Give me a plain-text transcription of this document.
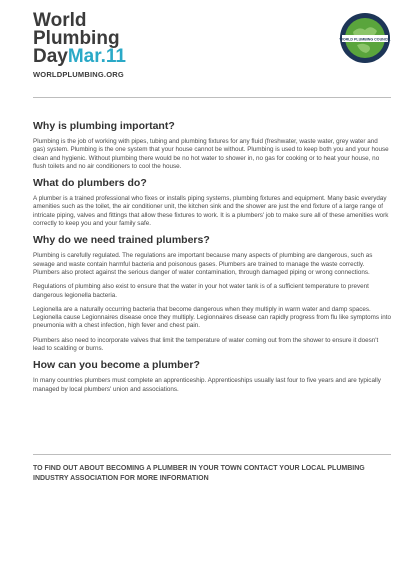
World
Plumbing
DayMar.11
WORLDPLUMBING.ORG
WORLD PLUMBING COUNCIL
Why is plumbing important?

Plumbing is the job of working with pipes, tubing and plumbing fixtures for any fluid (freshwater, waste water, grey water and gas) system. Plumbing is the one system that your house cannot be without. Plumbing is used to keep both you and your house clean and hygienic. Without plumbing there would be no hot water to shower in, no gas for cooking or to heat your house, no flush toilets and no air conditioners to cool the house.

What do plumbers do?

A plumber is a trained professional who fixes or installs piping systems, plumbing fixtures and equipment. Many basic everyday amenities such as the toilet, the air conditioner unit, the kitchen sink and the shower are just the end fixture of a large range of intricate piping, valves and fittings that allow these fixtures to work. It is a plumbers' job to make sure all of these amenities work correctly to keep you and your family safe.

Why do we need trained plumbers?

Plumbing is carefully regulated. The regulations are important because many aspects of plumbing are dangerous, such as sewage and waste contain harmful bacteria and poisonous gases. Plumbers are trained to manage the waste correctly. Plumbers also protect against the serious danger of water contamination, through damaged piping or wrong connections.

Regulations of plumbing also exist to ensure that the water in your hot water tank is of a sufficient temperature to prevent dangerous legionella bacteria.

Legionella are a naturally occurring bacteria that become dangerous when they multiply in warm water and damp spaces. Legionella cause Legionnaires disease once they multiply. Legionnaires disease can rapidly progress from flu like symptoms into pneumonia with a chest infection, high fever and chest pain.

Plumbers also need to incorporate valves that limit the temperature of water coming out from the shower to ensure it doesn't lead to scalding or burns.

How can you become a plumber?

In many countries plumbers must complete an apprenticeship. Apprenticeships usually last four to five years and are typically managed by local plumbers' union and associations.

TO FIND OUT ABOUT BECOMING A PLUMBER IN YOUR TOWN CONTACT YOUR LOCAL PLUMBING INDUSTRY ASSOCIATION FOR MORE INFORMATION
